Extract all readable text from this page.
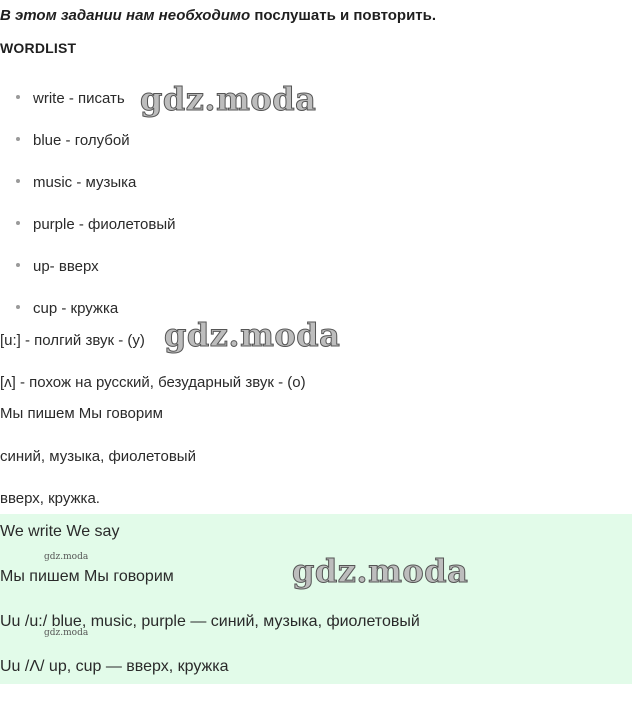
В этом задании нам необходимо послушать и повторить.
WORDLIST
write - писать
blue - голубой
music - музыка
purple - фиолетовый
up- вверх
cup - кружка
[u:] - полгий звук - (у)
[ʌ] - похож на русский, безударный звук - (о)
Мы пишем Мы говорим
синий, музыка, фиолетовый
вверх, кружка.
We write We say
Мы пишем Мы говорим
Uu /u:/ blue, music, purple — синий, музыка, фиолетовый
Uu /Λ/ up, cup — вверх, кружка
gdz.moda
gdz.moda
gdz.moda
gdz.moda
gdz.moda
